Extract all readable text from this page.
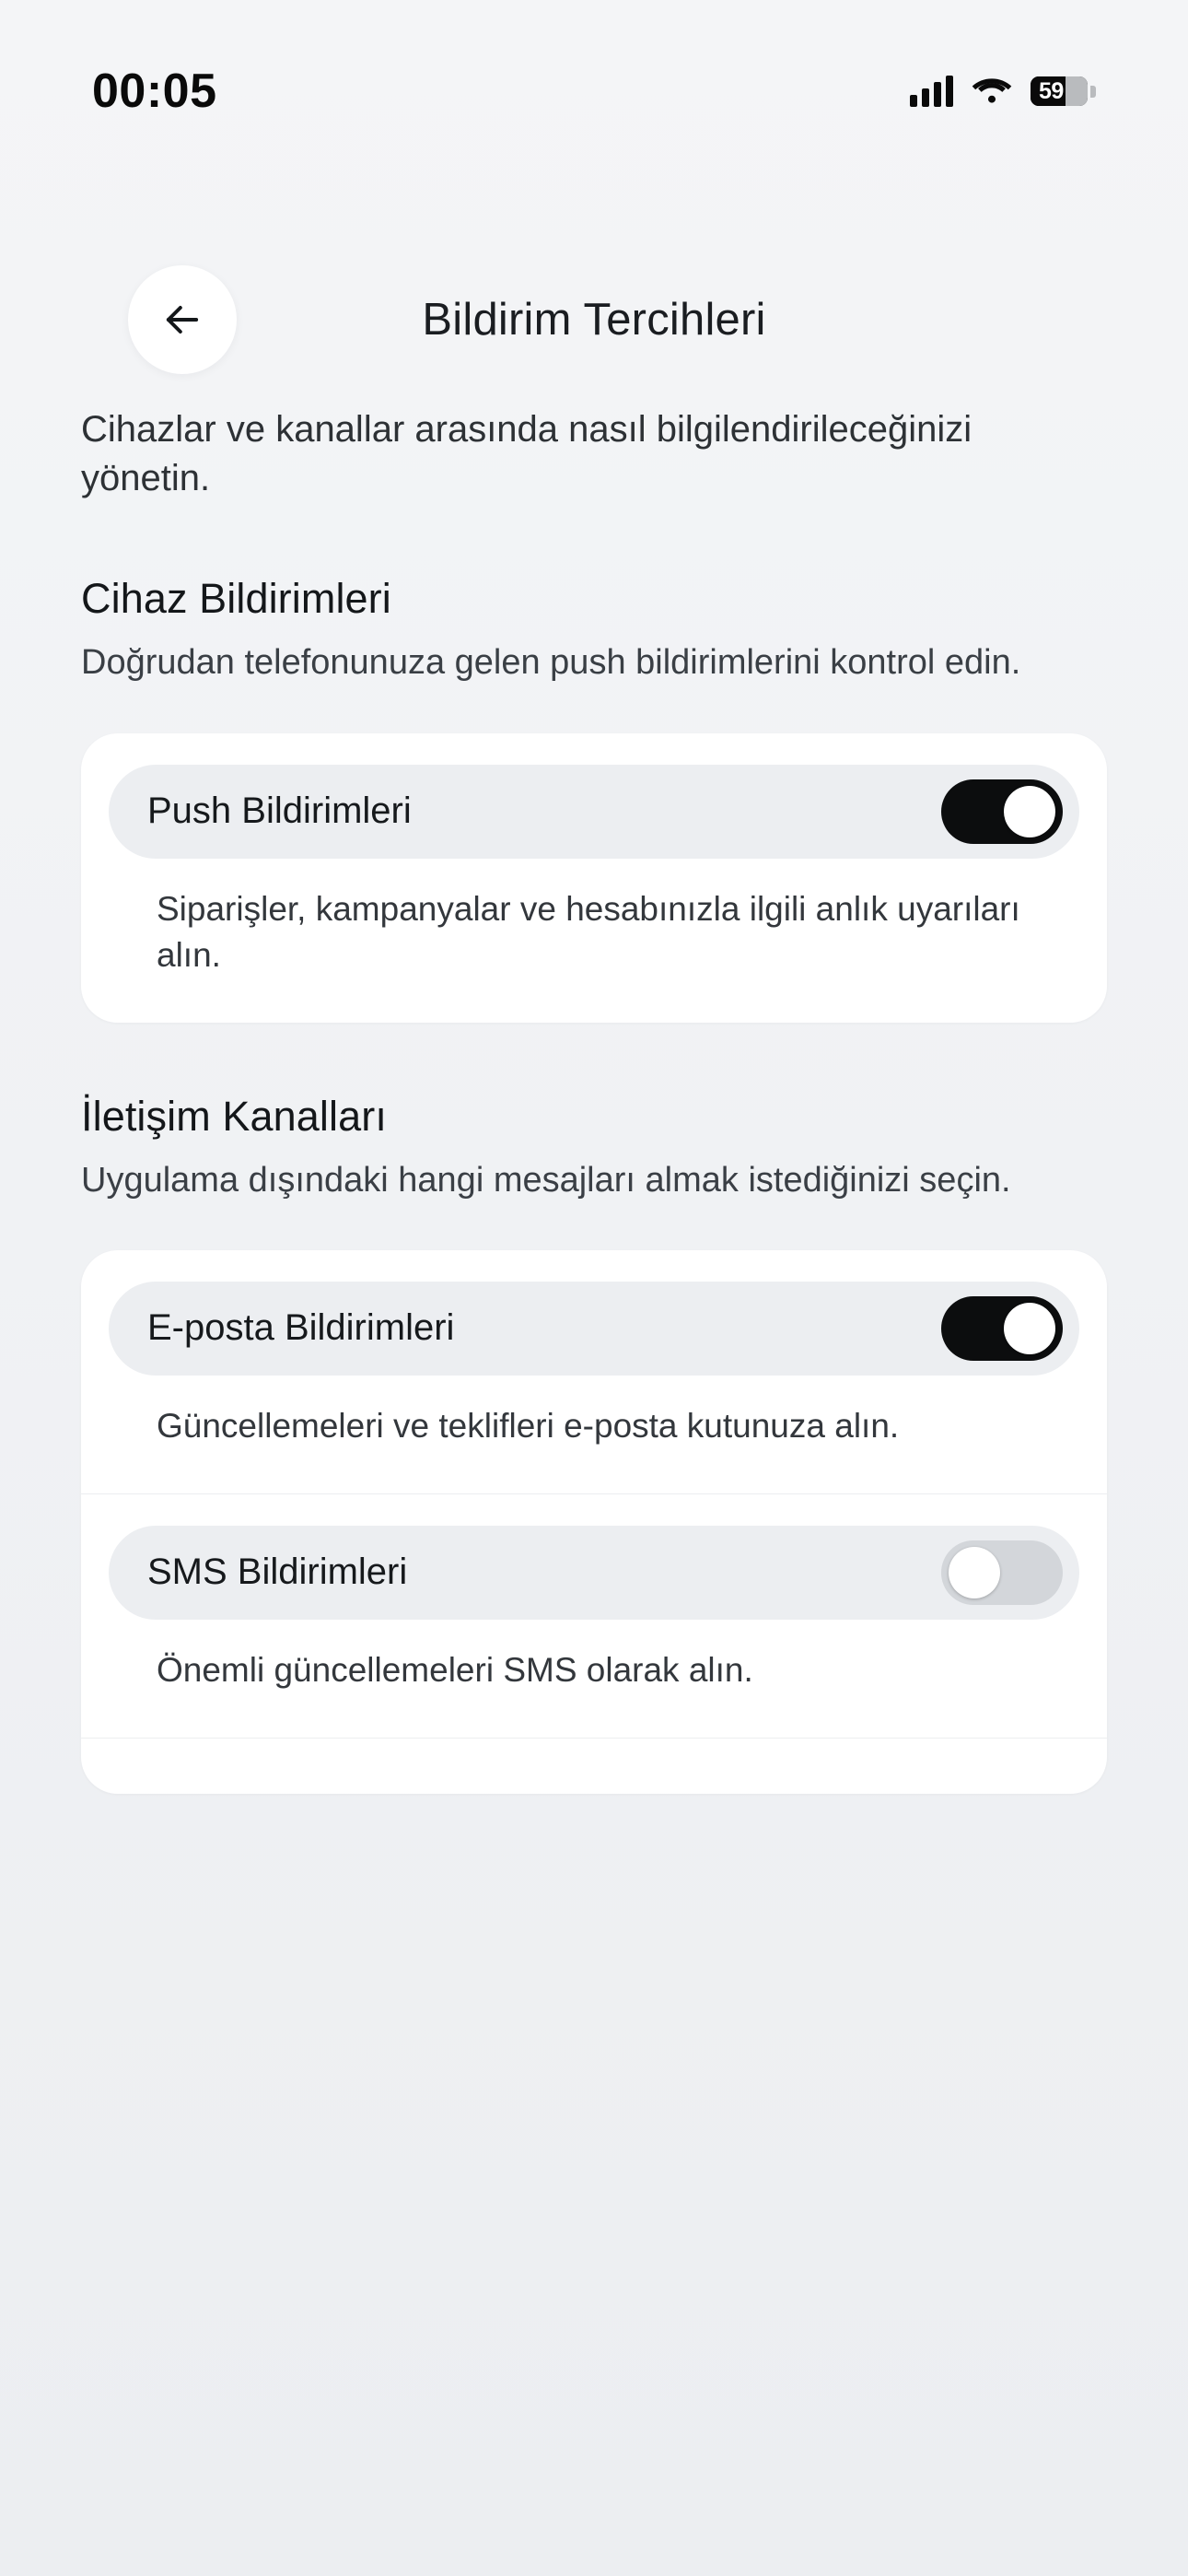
00:05	59
Bildirim Tercihleri
Cihazlar ve kanallar arasında nasıl bilgilendirileceğinizi yönetin.
Cihaz Bildirimleri
Doğrudan telefonunuza gelen push bildirimlerini kontrol edin.
Push Bildirimleri
Siparişler, kampanyalar ve hesabınızla ilgili anlık uyarıları alın.
İletişim Kanalları
Uygulama dışındaki hangi mesajları almak istediğinizi seçin.
E-posta Bildirimleri
Güncellemeleri ve teklifleri e-posta kutunuza alın.
SMS Bildirimleri
Önemli güncellemeleri SMS olarak alın.
